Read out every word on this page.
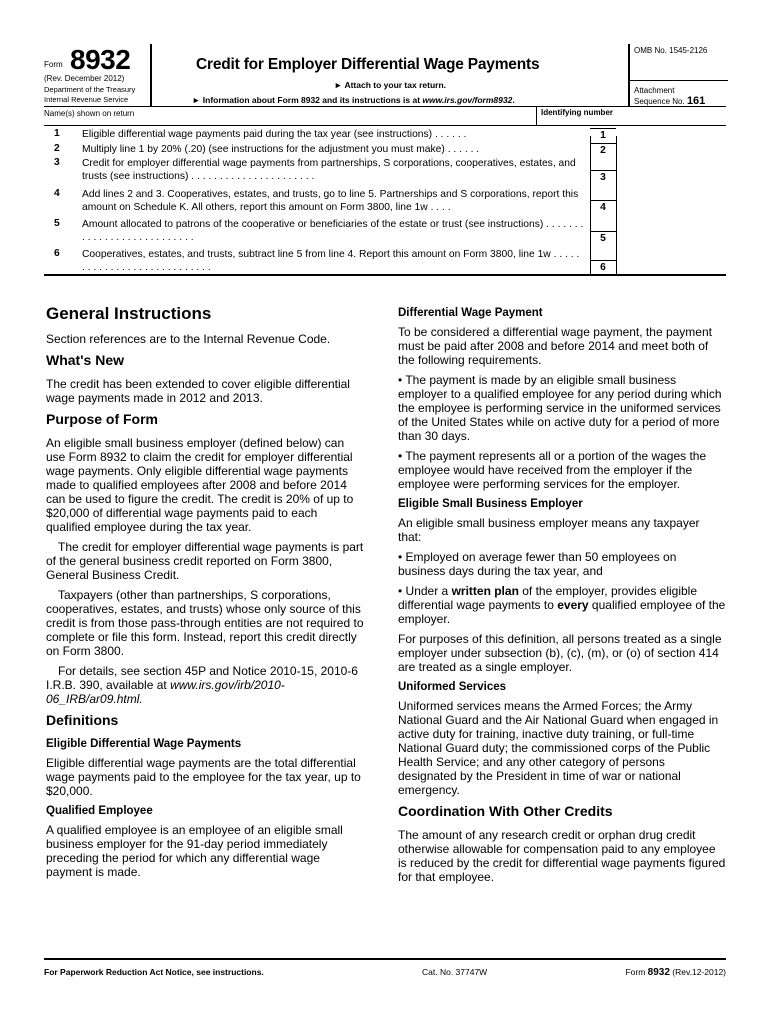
Form 8932
(Rev. December 2012)
Department of the Treasury
Internal Revenue Service
Credit for Employer Differential Wage Payments
► Attach to your tax return.
► Information about Form 8932 and its instructions is at www.irs.gov/form8932.
OMB No. 1545-2126
Attachment
Sequence No. 161
Name(s) shown on return	Identifying number
1 Eligible differential wage payments paid during the tax year (see instructions) . . . . . .	1
2 Multiply line 1 by 20% (.20) (see instructions for the adjustment you must make) . . . . . .	2
3 Credit for employer differential wage payments from partnerships, S corporations, cooperatives, estates, and trusts (see instructions) . . . . . . . . . . . . . . . . . . . . . .	3
4 Add lines 2 and 3. Cooperatives, estates, and trusts, go to line 5. Partnerships and S corporations, report this amount on Schedule K. All others, report this amount on Form 3800, line 1w . . . .	4
5 Amount allocated to patrons of the cooperative or beneficiaries of the estate or trust (see instructions) . . . . . . . . . . . . . . . . . . . . . . . . . . .	5
6 Cooperatives, estates, and trusts, subtract line 5 from line 4. Report this amount on Form 3800, line 1w . . . . . . . . . . . . . . . . . . . . . . . . . . . .	6
General Instructions

Section references are to the Internal Revenue Code.

What's New

The credit has been extended to cover eligible differential wage payments made in 2012 and 2013.

Purpose of Form

An eligible small business employer (defined below) can use Form 8932 to claim the credit for employer differential wage payments. Only eligible differential wage payments made to qualified employees after 2008 and before 2014 can be used to figure the credit. The credit is 20% of up to $20,000 of differential wage payments paid to each qualified employee during the tax year.

The credit for employer differential wage payments is part of the general business credit reported on Form 3800, General Business Credit.

Taxpayers (other than partnerships, S corporations, cooperatives, estates, and trusts) whose only source of this credit is from those pass-through entities are not required to complete or file this form. Instead, report this credit directly on Form 3800.

For details, see section 45P and Notice 2010-15, 2010-6 I.R.B. 390, available at www.irs.gov/irb/2010-06_IRB/ar09.html.

Definitions
Eligible Differential Wage Payments

Eligible differential wage payments are the total differential wage payments paid to the employee for the tax year, up to $20,000.

Qualified Employee

A qualified employee is an employee of an eligible small business employer for the 91-day period immediately preceding the period for which any differential wage payment is made.

Differential Wage Payment

To be considered a differential wage payment, the payment must be paid after 2008 and before 2014 and meet both of the following requirements.

• The payment is made by an eligible small business employer to a qualified employee for any period during which the employee is performing service in the uniformed services of the United States while on active duty for a period of more than 30 days.

• The payment represents all or a portion of the wages the employee would have received from the employer if the employee were performing services for the employer.

Eligible Small Business Employer

An eligible small business employer means any taxpayer that:

• Employed on average fewer than 50 employees on business days during the tax year, and

• Under a written plan of the employer, provides eligible differential wage payments to every qualified employee of the employer.

For purposes of this definition, all persons treated as a single employer under subsection (b), (c), (m), or (o) of section 414 are treated as a single employer.

Uniformed Services

Uniformed services means the Armed Forces; the Army National Guard and the Air National Guard when engaged in active duty for training, inactive duty training, or full-time National Guard duty; the commissioned corps of the Public Health Service; and any other category of persons designated by the President in time of war or national emergency.

Coordination With Other Credits

The amount of any research credit or orphan drug credit otherwise allowable for compensation paid to any employee is reduced by the credit for differential wage payments figured for that employee.

For Paperwork Reduction Act Notice, see instructions.	Cat. No. 37747W	Form 8932 (Rev.12-2012)
